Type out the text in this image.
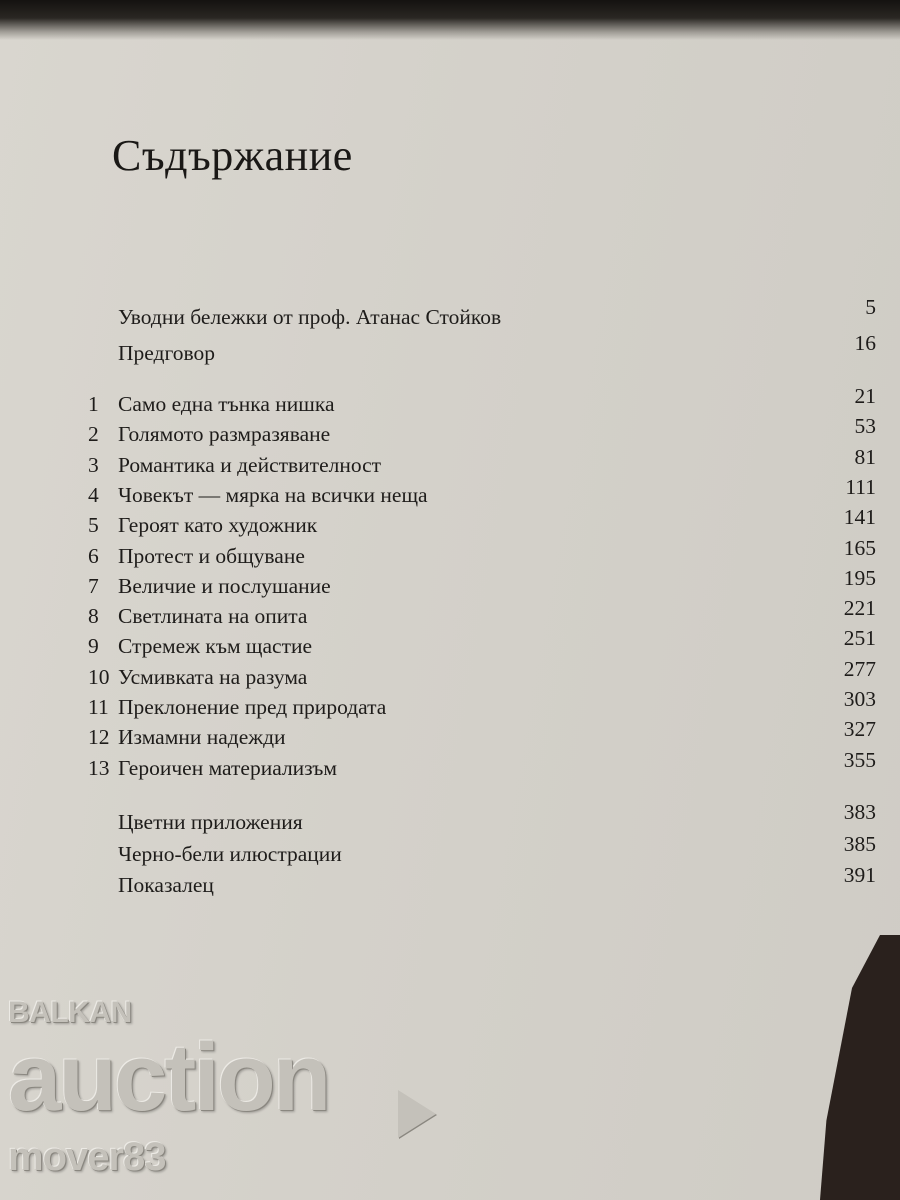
Съдържание
Уводни бележки от проф. Атанас Стойков	5
Предговор	16
1 Само една тънка нишка	21
2 Голямото размразяване	53
3 Романтика и действителност	81
4 Човекът — мярка на всички неща	111
5 Героят като художник	141
6 Протест и общуване	165
7 Величие и послушание	195
8 Светлината на опита	221
9 Стремеж към щастие	251
10 Усмивката на разума	277
11 Преклонение пред природата	303
12 Измамни надежди	327
13 Героичен материализъм	355
Цветни приложения	383
Черно-бели илюстрации	385
Показалец	391
BALKAN
auction
mover83
